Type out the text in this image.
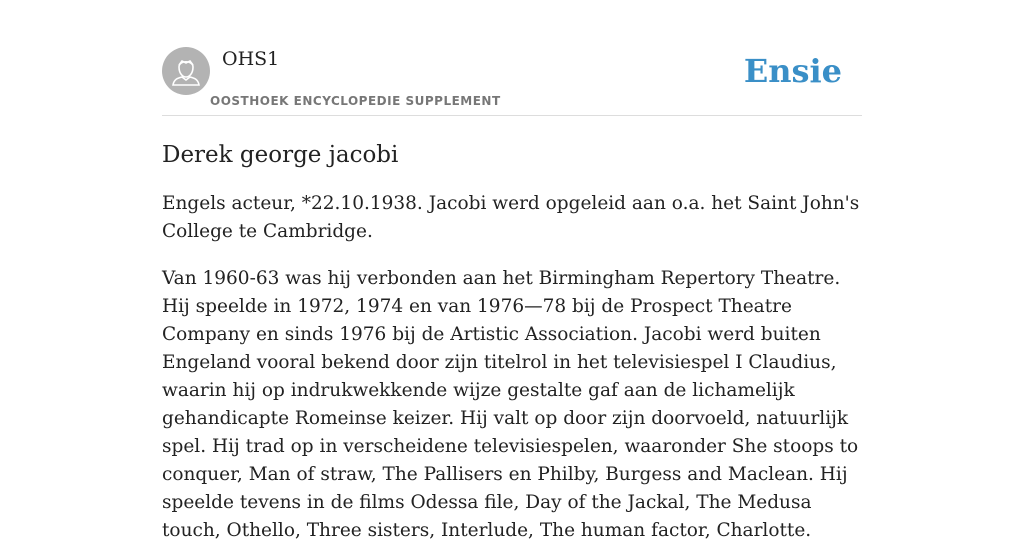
OHS1
OOSTHOEK ENCYCLOPEDIE SUPPLEMENT
Ensie
Derek george jacobi

Engels acteur, *22.10.1938. Jacobi werd opgeleid aan o.a. het Saint John's College te Cambridge.

Van 1960-63 was hij verbonden aan het Birmingham Repertory Theatre. Hij speelde in 1972, 1974 en van 1976—78 bij de Prospect Theatre Company en sinds 1976 bij de Artistic Association. Jacobi werd buiten Engeland vooral bekend door zijn titelrol in het televisiespel I Claudius, waarin hij op indrukwekkende wijze gestalte gaf aan de lichamelijk gehandicapte Romeinse keizer. Hij valt op door zijn doorvoeld, natuurlijk spel. Hij trad op in verscheidene televisiespelen, waaronder She stoops to conquer, Man of straw, The Pallisers en Philby, Burgess and Maclean. Hij speelde tevens in de films Odessa file, Day of the Jackal, The Medusa touch, Othello, Three sisters, Interlude, The human factor, Charlotte.
